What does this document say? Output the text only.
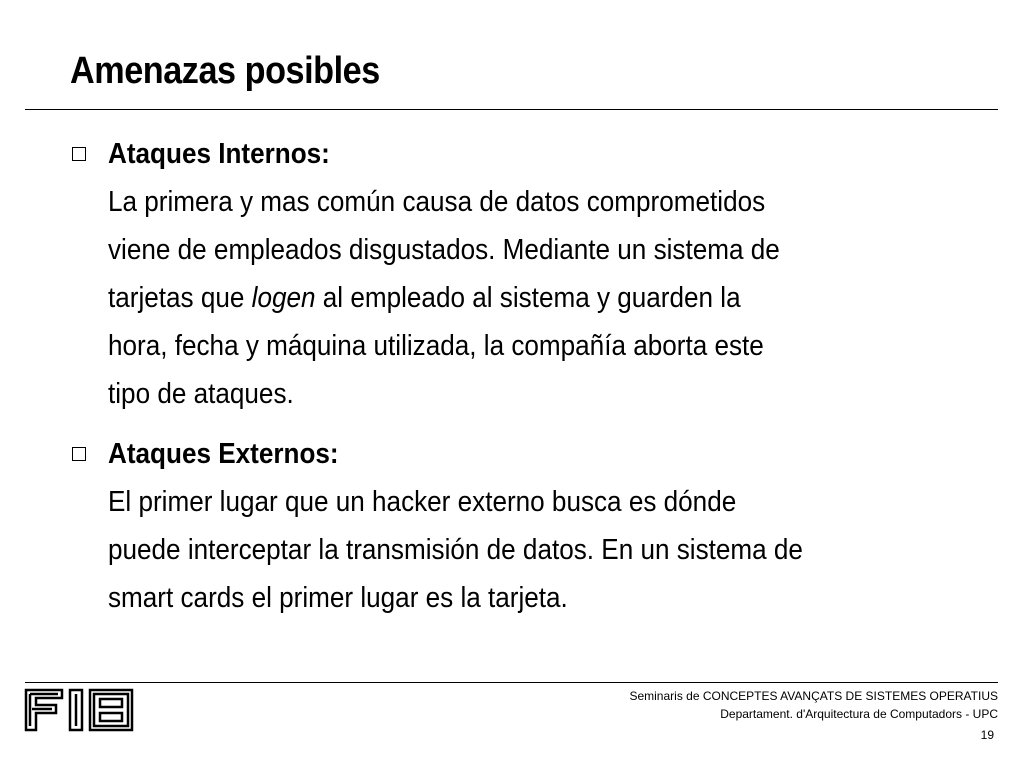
Amenazas posibles
Ataques Internos:
La primera y mas común causa de datos comprometidos
viene de empleados disgustados. Mediante un sistema de
tarjetas que logen al empleado al sistema y guarden la
hora, fecha y máquina utilizada, la compañía aborta este
tipo de ataques.
Ataques Externos:
El primer lugar que un hacker externo busca es dónde
puede interceptar la transmisión de datos. En un sistema de
smart cards el primer lugar es la tarjeta.
Seminaris de CONCEPTES AVANÇATS DE SISTEMES OPERATIUS
Departament. d'Arquitectura de Computadors - UPC
19
